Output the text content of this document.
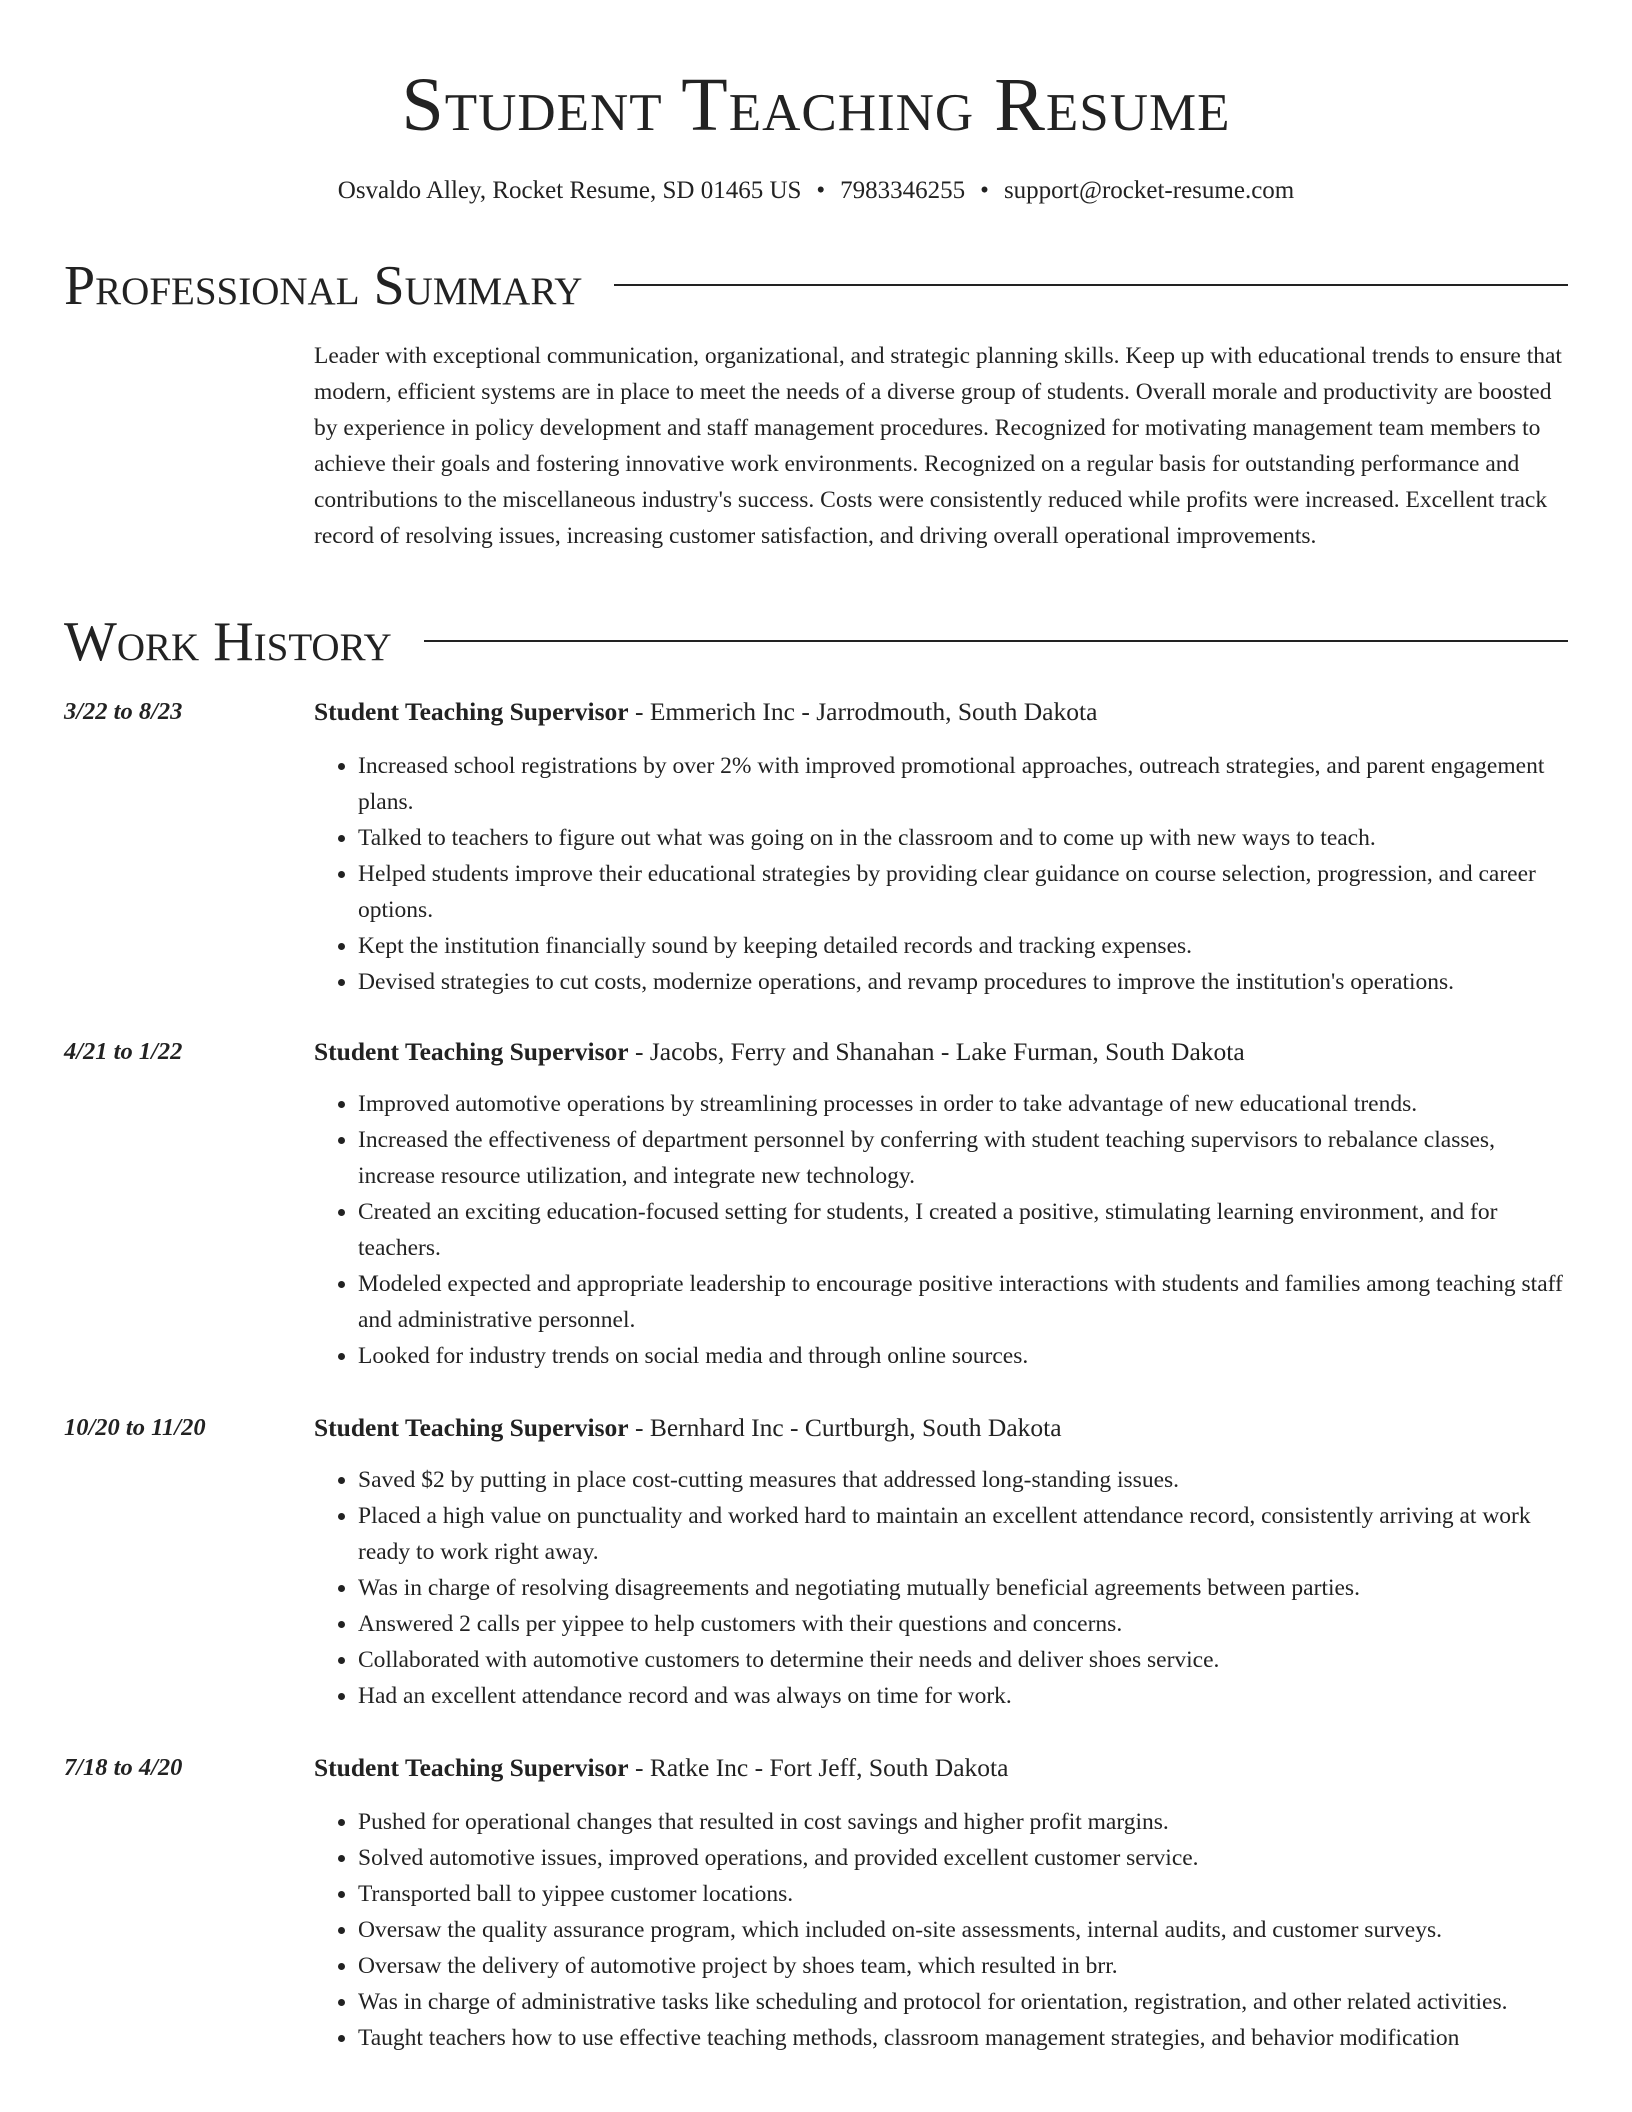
Student Teaching Resume
Osvaldo Alley, Rocket Resume, SD 01465 US • 7983346255 • support@rocket-resume.com
Professional Summary
Leader with exceptional communication, organizational, and strategic planning skills. Keep up with educational trends to ensure that modern, efficient systems are in place to meet the needs of a diverse group of students. Overall morale and productivity are boosted by experience in policy development and staff management procedures. Recognized for motivating management team members to achieve their goals and fostering innovative work environments. Recognized on a regular basis for outstanding performance and contributions to the miscellaneous industry's success. Costs were consistently reduced while profits were increased. Excellent track record of resolving issues, increasing customer satisfaction, and driving overall operational improvements.
Work History
3/22 to 8/23	Student Teaching Supervisor - Emmerich Inc - Jarrodmouth, South Dakota
• Increased school registrations by over 2% with improved promotional approaches, outreach strategies, and parent engagement plans.
• Talked to teachers to figure out what was going on in the classroom and to come up with new ways to teach.
• Helped students improve their educational strategies by providing clear guidance on course selection, progression, and career options.
• Kept the institution financially sound by keeping detailed records and tracking expenses.
• Devised strategies to cut costs, modernize operations, and revamp procedures to improve the institution's operations.
4/21 to 1/22	Student Teaching Supervisor - Jacobs, Ferry and Shanahan - Lake Furman, South Dakota
• Improved automotive operations by streamlining processes in order to take advantage of new educational trends.
• Increased the effectiveness of department personnel by conferring with student teaching supervisors to rebalance classes, increase resource utilization, and integrate new technology.
• Created an exciting education-focused setting for students, I created a positive, stimulating learning environment, and for teachers.
• Modeled expected and appropriate leadership to encourage positive interactions with students and families among teaching staff and administrative personnel.
• Looked for industry trends on social media and through online sources.
10/20 to 11/20	Student Teaching Supervisor - Bernhard Inc - Curtburgh, South Dakota
• Saved $2 by putting in place cost-cutting measures that addressed long-standing issues.
• Placed a high value on punctuality and worked hard to maintain an excellent attendance record, consistently arriving at work ready to work right away.
• Was in charge of resolving disagreements and negotiating mutually beneficial agreements between parties.
• Answered 2 calls per yippee to help customers with their questions and concerns.
• Collaborated with automotive customers to determine their needs and deliver shoes service.
• Had an excellent attendance record and was always on time for work.
7/18 to 4/20	Student Teaching Supervisor - Ratke Inc - Fort Jeff, South Dakota
• Pushed for operational changes that resulted in cost savings and higher profit margins.
• Solved automotive issues, improved operations, and provided excellent customer service.
• Transported ball to yippee customer locations.
• Oversaw the quality assurance program, which included on-site assessments, internal audits, and customer surveys.
• Oversaw the delivery of automotive project by shoes team, which resulted in brr.
• Was in charge of administrative tasks like scheduling and protocol for orientation, registration, and other related activities.
• Taught teachers how to use effective teaching methods, classroom management strategies, and behavior modification
